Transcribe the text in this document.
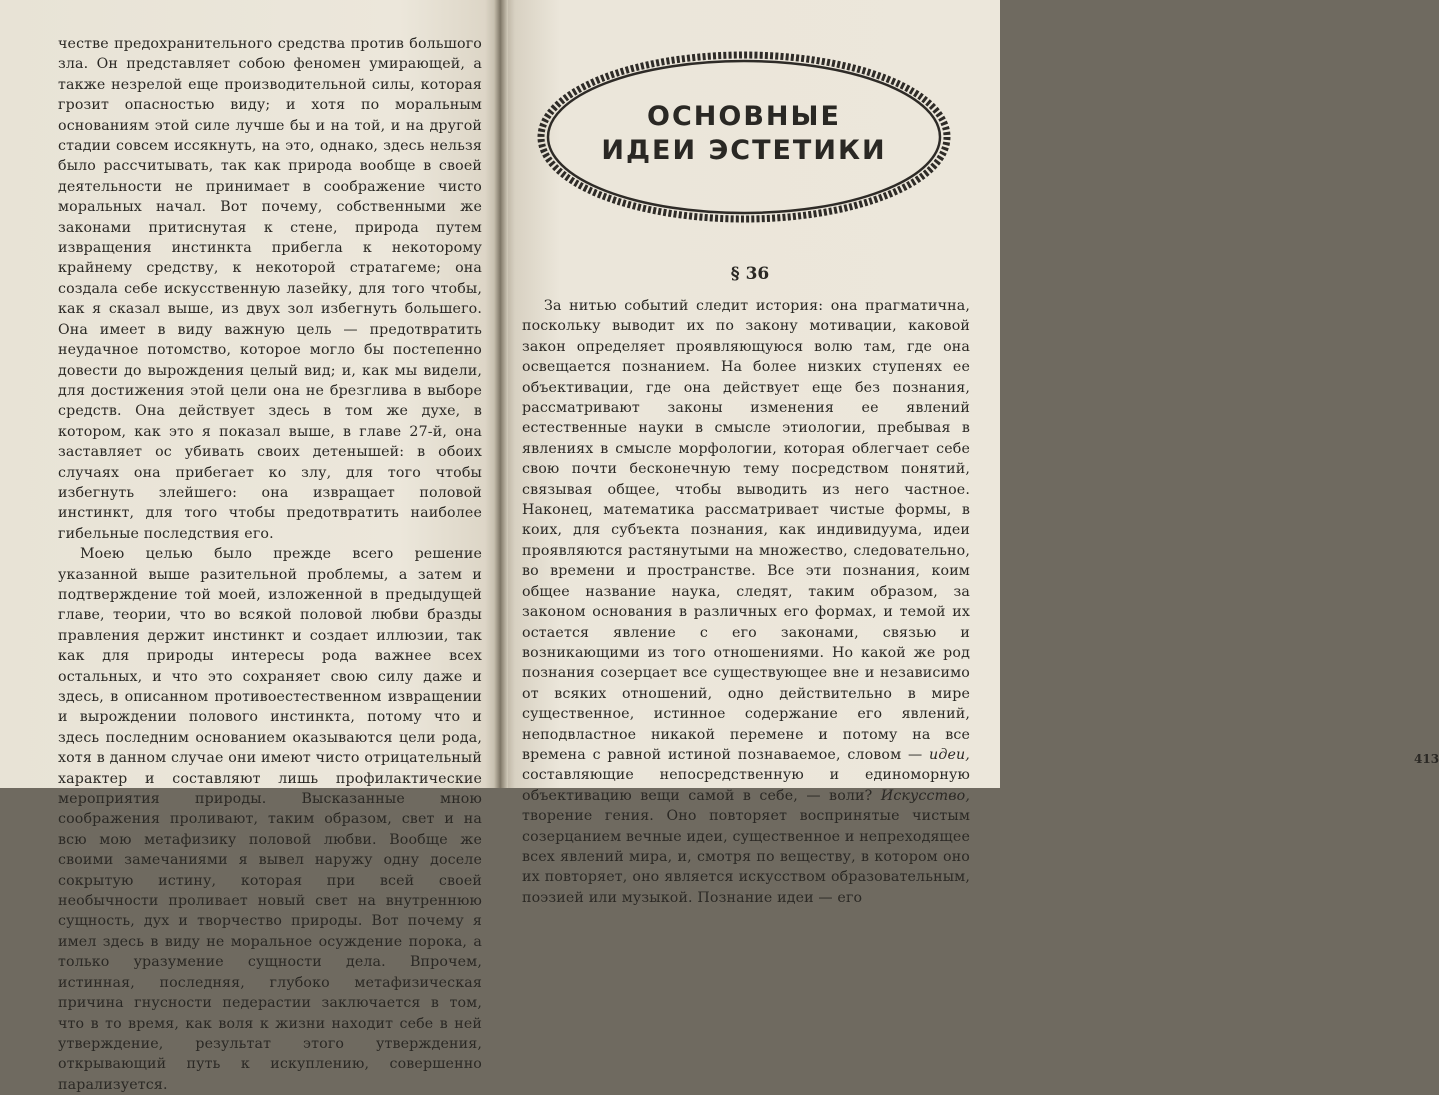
честве предохранительного средства против большого зла. Он представляет собою феномен умирающей, а также незрелой еще производительной силы, которая грозит опасностью виду; и хотя по моральным основаниям этой силе лучше бы и на той, и на другой стадии совсем иссякнуть, на это, однако, здесь нельзя было рассчитывать, так как природа вообще в своей деятельности не принимает в соображение чисто моральных начал. Вот почему, собственными же законами притиснутая к стене, природа путем извращения инстинкта прибегла к некоторому крайнему средству, к некоторой стратагеме; она создала себе искусственную лазейку, для того чтобы, как я сказал выше, из двух зол избегнуть большего. Она имеет в виду важную цель — предотвратить неудачное потомство, которое могло бы постепенно довести до вырождения целый вид; и, как мы видели, для достижения этой цели она не брезглива в выборе средств. Она действует здесь в том же духе, в котором, как это я показал выше, в главе 27-й, она заставляет ос убивать своих детенышей: в обоих случаях она прибегает ко злу, для того чтобы избегнуть злейшего: она извращает половой инстинкт, для того чтобы предотвратить наиболее гибельные последствия его.

Моею целью было прежде всего решение указанной выше разительной проблемы, а затем и подтверждение той моей, изложенной в предыдущей главе, теории, что во всякой половой любви бразды правления держит инстинкт и создает иллюзии, так как для природы интересы рода важнее всех остальных, и что это сохраняет свою силу даже и здесь, в описанном противоестественном извращении и вырождении полового инстинкта, потому что и здесь последним основанием оказываются цели рода, хотя в данном случае они имеют чисто отрицательный характер и составляют лишь профилактические мероприятия природы. Высказанные мною соображения проливают, таким образом, свет и на всю мою метафизику половой любви. Вообще же своими замечаниями я вывел наружу одну доселе сокрытую истину, которая при всей своей необычности проливает новый свет на внутреннюю сущность, дух и творчество природы. Вот почему я имел здесь в виду не моральное осуждение порока, а только уразумение сущности дела. Впрочем, истинная, последняя, глубоко метафизическая причина гнусности педерастии заключается в том, что в то время, как воля к жизни находит себе в ней утверждение, результат этого утверждения, открывающий путь к искуплению, совершенно парализуется.

ОСНОВНЫЕ
ИДЕИ ЭСТЕТИКИ
§ 36

За нитью событий следит история: она прагматична, поскольку выводит их по закону мотивации, каковой закон определяет проявляющуюся волю там, где она освещается познанием. На более низких ступенях ее объективации, где она действует еще без познания, рассматривают законы изменения ее явлений естественные науки в смысле этиологии, пребывая в явлениях в смысле морфологии, которая облегчает себе свою почти бесконечную тему посредством понятий, связывая общее, чтобы выводить из него частное. Наконец, математика рассматривает чистые формы, в коих, для субъекта познания, как индивидуума, идеи проявляются растянутыми на множество, следовательно, во времени и пространстве. Все эти познания, коим общее название наука, следят, таким образом, за законом основания в различных его формах, и темой их остается явление с его законами, связью и возникающими из того отношениями. Но какой же род познания созерцает все существующее вне и независимо от всяких отношений, одно действительно в мире существенное, истинное содержание его явлений, неподвластное никакой перемене и потому на все времена с равной истиной познаваемое, словом — идеи, составляющие непосредственную и единоморную объективацию вещи самой в себе, — воли? Искусство, творение гения. Оно повторяет воспринятые чистым созерцанием вечные идеи, существенное и непреходящее всех явлений мира, и, смотря по веществу, в котором оно их повторяет, оно является искусством образовательным, поэзией или музыкой. Познание идеи — его

413
